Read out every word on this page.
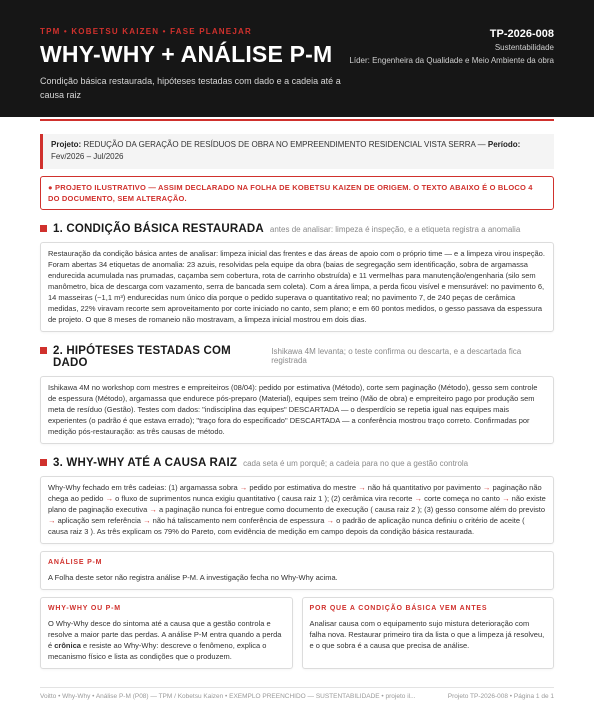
TPM • KOBETSU KAIZEN • FASE PLANEJAR
WHY-WHY + ANÁLISE P-M
Condição básica restaurada, hipóteses testadas com dado e a cadeia até a causa raiz
TP-2026-008
Sustentabilidade
Líder: Engenheira da Qualidade e Meio Ambiente da obra
Projeto: REDUÇÃO DA GERAÇÃO DE RESÍDUOS DE OBRA NO EMPREENDIMENTO RESIDENCIAL VISTA SERRA — Período: Fev/2026 – Jul/2026
● PROJETO ILUSTRATIVO — ASSIM DECLARADO NA FOLHA DE KOBETSU KAIZEN DE ORIGEM. O TEXTO ABAIXO É O BLOCO 4 DO DOCUMENTO, SEM ALTERAÇÃO.
1. CONDIÇÃO BÁSICA RESTAURADA antes de analisar: limpeza é inspeção, e a etiqueta registra a anomalia
Restauração da condição básica antes de analisar: limpeza inicial das frentes e das áreas de apoio com o próprio time — e a limpeza virou inspeção. Foram abertas 34 etiquetas de anomalia: 23 azuis, resolvidas pela equipe da obra (baias de segregação sem identificação, sobra de argamassa endurecida acumulada nas prumadas, caçamba sem cobertura, rota de carrinho obstruída) e 11 vermelhas para manutenção/engenharia (silo sem manômetro, bica de descarga com vazamento, serra de bancada sem coleta). Com a área limpa, a perda ficou visível e mensurável: no pavimento 6, 14 masseiras (~1,1 m³) endurecidas num único dia porque o pedido superava o quantitativo real; no pavimento 7, de 240 peças de cerâmica medidas, 22% viravam recorte sem aproveitamento por corte iniciado no canto, sem plano; e em 60 pontos medidos, o gesso passava da espessura de projeto. O que 8 meses de romaneio não mostravam, a limpeza inicial mostrou em dois dias.
2. HIPÓTESES TESTADAS COM DADO
Ishikawa 4M levanta; o teste confirma ou descarta, e a descartada fica registrada
Ishikawa 4M no workshop com mestres e empreiteiros (08/04): pedido por estimativa (Método), corte sem paginação (Método), gesso sem controle de espessura (Método), argamassa que endurece pós-preparo (Material), equipes sem treino (Mão de obra) e empreiteiro pago por produção sem meta de resíduo (Gestão). Testes com dados: "indisciplina das equipes" DESCARTADA — o desperdício se repetia igual nas equipes mais experientes (o padrão é que estava errado); "traço fora do especificado" DESCARTADA — a conferência mostrou traço correto. Confirmadas por medição pós-restauração: as três causas de método.
3. WHY-WHY ATÉ A CAUSA RAIZ cada seta é um porquê; a cadeia para no que a gestão controla
Why-Why fechado em três cadeias: (1) argamassa sobra → pedido por estimativa do mestre → não há quantitativo por pavimento → paginação não chega ao pedido → o fluxo de suprimentos nunca exigiu quantitativo ( causa raiz 1 ); (2) cerâmica vira recorte → corte começa no canto → não existe plano de paginação executiva → a paginação nunca foi entregue como documento de execução ( causa raiz 2 ); (3) gesso consome além do previsto → aplicação sem referência → não há taliscamento nem conferência de espessura → o padrão de aplicação nunca definiu o critério de aceite ( causa raiz 3 ). As três explicam os 79% do Pareto, com evidência de medição em campo depois da condição básica restaurada.
ANÁLISE P-M
A Folha deste setor não registra análise P-M. A investigação fecha no Why-Why acima.
WHY-WHY OU P-M
O Why-Why desce do sintoma até a causa que a gestão controla e resolve a maior parte das perdas. A análise P-M entra quando a perda é crônica e resiste ao Why-Why: descreve o fenômeno, explica o mecanismo físico e lista as condições que o produzem.
POR QUE A CONDIÇÃO BÁSICA VEM ANTES
Analisar causa com o equipamento sujo mistura deterioração com falha nova. Restaurar primeiro tira da lista o que a limpeza já resolveu, e o que sobra é a causa que precisa de análise.
Voitto • Why-Why • Análise P-M (P08) — TPM / Kobetsu Kaizen • EXEMPLO PREENCHIDO — SUSTENTABILIDADE • projeto il...	Projeto TP-2026-008 • Página 1 de 1
